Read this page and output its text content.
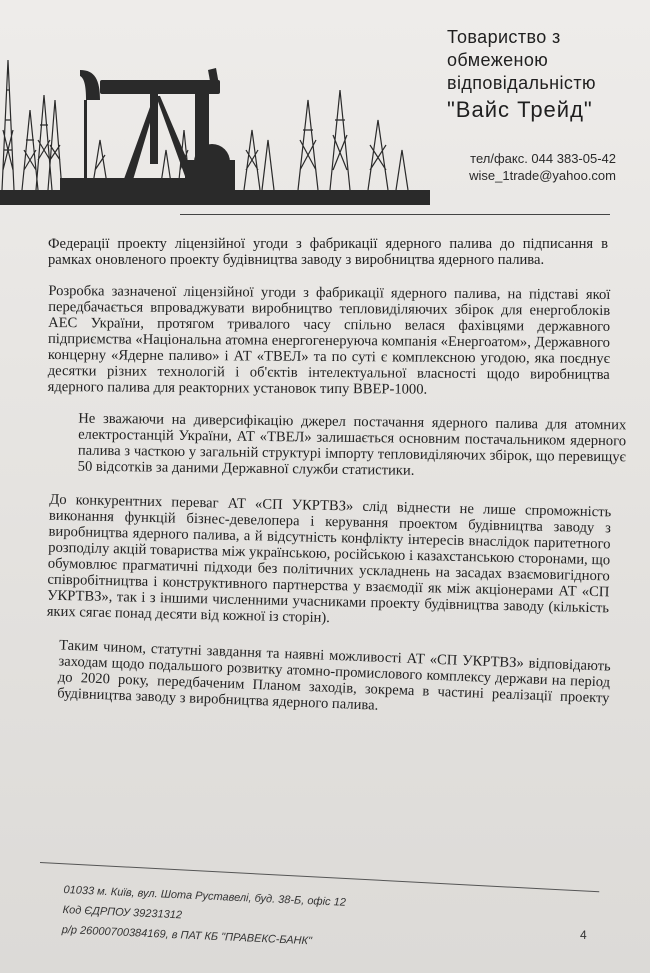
Товариство з
обмеженою
відповідальністю
"Вайс Трейд"
тел/факс. 044 383-05-42
wise_1trade@yahoo.com

Федерації проекту ліцензійної угоди з фабрикації ядерного палива до підписання в рамках оновленого проекту будівництва заводу з виробництва ядерного палива.

Розробка зазначеної ліцензійної угоди з фабрикації ядерного палива, на підставі якої передбачається впроваджувати виробництво тепловиділяючих збірок для енергоблоків АЕС України, протягом тривалого часу спільно велася фахівцями державного підприємства «Національна атомна енергогенеруюча компанія «Енергоатом», Державного концерну «Ядерне паливо» і АТ «ТВЕЛ» та по суті є комплексною угодою, яка поєднує десятки різних технологій і об'єктів інтелектуальної власності щодо виробництва ядерного палива для реакторних установок типу ВВЕР-1000.

Не зважаючи на диверсифікацію джерел постачання ядерного палива для атомних електростанцій України, АТ «ТВЕЛ» залишається основним постачальником ядерного палива з часткою у загальній структурі імпорту тепловиділяючих збірок, що перевищує 50 відсотків за даними Державної служби статистики.

До конкурентних переваг АТ «СП УКРТВЗ» слід віднести не лише спроможність виконання функцій бізнес-девелопера і керування проектом будівництва заводу з виробництва ядерного палива, а й відсутність конфлікту інтересів внаслідок паритетного розподілу акцій товариства між українською, російською і казахстанською сторонами, що обумовлює прагматичні підходи без політичних ускладнень на засадах взаємовигідного співробітництва і конструктивного партнерства у взаємодії як між акціонерами АТ «СП УКРТВЗ», так і з іншими численними учасниками проекту будівництва заводу (кількість яких сягає понад десяти від кожної із сторін).

Таким чином, статутні завдання та наявні можливості АТ «СП УКРТВЗ» відповідають заходам щодо подальшого розвитку атомно-промислового комплексу держави на період до 2020 року, передбаченим Планом заходів, зокрема в частині реалізації проекту будівництва заводу з виробництва ядерного палива.

01033 м. Київ, вул. Шота Руставелі, буд. 38-Б, офіс 12
Код ЄДРПОУ 39231312
р/р 26000700384169, в ПАТ КБ "ПРАВЕКС-БАНК"	4
